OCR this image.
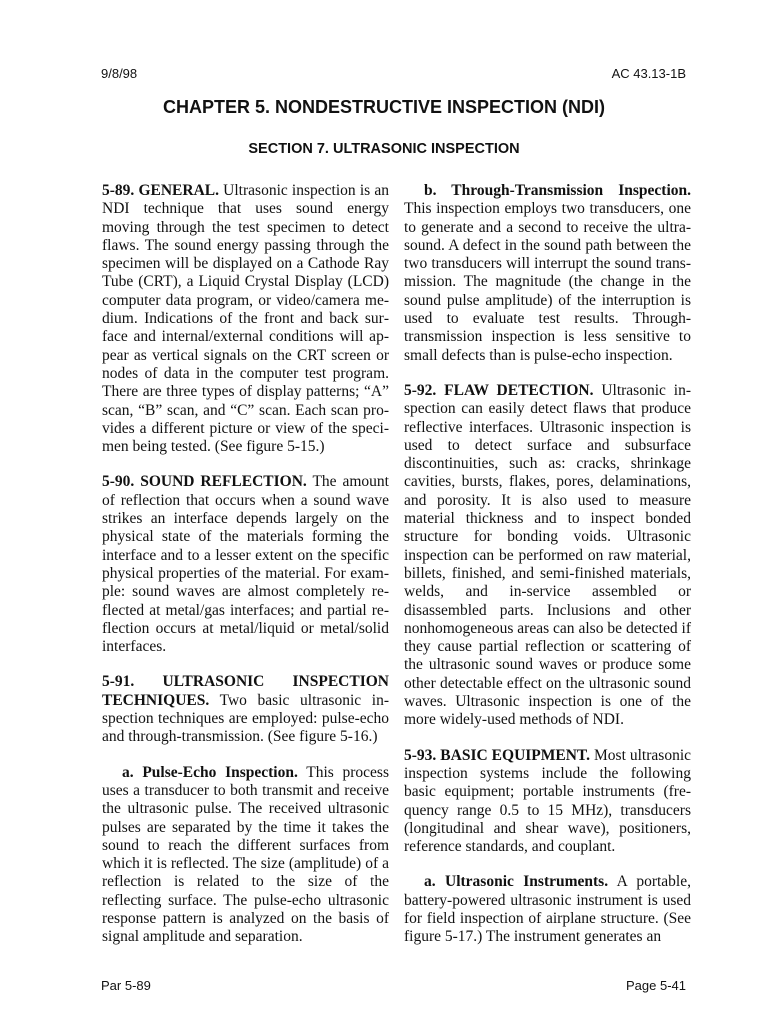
9/8/98	AC 43.13-1B
CHAPTER 5. NONDESTRUCTIVE INSPECTION (NDI)
SECTION 7. ULTRASONIC INSPECTION

5-89. GENERAL. Ultrasonic inspection is an NDI technique that uses sound energy moving through the test specimen to detect flaws. The sound energy passing through the specimen will be displayed on a Cathode Ray Tube (CRT), a Liquid Crystal Display (LCD) computer data program, or video/camera medium. Indications of the front and back surface and internal/external conditions will appear as vertical signals on the CRT screen or nodes of data in the computer test program. There are three types of display patterns; “A” scan, “B” scan, and “C” scan. Each scan provides a different picture or view of the specimen being tested. (See figure 5-15.)

5-90. SOUND REFLECTION. The amount of reflection that occurs when a sound wave strikes an interface depends largely on the physical state of the materials forming the interface and to a lesser extent on the specific physical properties of the material. For example: sound waves are almost completely reflected at metal/gas interfaces; and partial reflection occurs at metal/liquid or metal/solid interfaces.

5-91. ULTRASONIC INSPECTION TECHNIQUES. Two basic ultrasonic inspection techniques are employed: pulse-echo and through-transmission. (See figure 5-16.)

a. Pulse-Echo Inspection. This process uses a transducer to both transmit and receive the ultrasonic pulse. The received ultrasonic pulses are separated by the time it takes the sound to reach the different surfaces from which it is reflected. The size (amplitude) of a reflection is related to the size of the reflecting surface. The pulse-echo ultrasonic response pattern is analyzed on the basis of signal amplitude and separation.

b. Through-Transmission Inspection. This inspection employs two transducers, one to generate and a second to receive the ultrasound. A defect in the sound path between the two transducers will interrupt the sound transmission. The magnitude (the change in the sound pulse amplitude) of the interruption is used to evaluate test results. Through-transmission inspection is less sensitive to small defects than is pulse-echo inspection.

5-92. FLAW DETECTION. Ultrasonic inspection can easily detect flaws that produce reflective interfaces. Ultrasonic inspection is used to detect surface and subsurface discontinuities, such as: cracks, shrinkage cavities, bursts, flakes, pores, delaminations, and porosity. It is also used to measure material thickness and to inspect bonded structure for bonding voids. Ultrasonic inspection can be performed on raw material, billets, finished, and semi-finished materials, welds, and in-service assembled or disassembled parts. Inclusions and other nonhomogeneous areas can also be detected if they cause partial reflection or scattering of the ultrasonic sound waves or produce some other detectable effect on the ultrasonic sound waves. Ultrasonic inspection is one of the more widely-used methods of NDI.

5-93. BASIC EQUIPMENT. Most ultrasonic inspection systems include the following basic equipment; portable instruments (frequency range 0.5 to 15 MHz), transducers (longitudinal and shear wave), positioners, reference standards, and couplant.

a. Ultrasonic Instruments. A portable, battery-powered ultrasonic instrument is used for field inspection of airplane structure. (See figure 5-17.) The instrument generates an

Par 5-89	Page 5-41
